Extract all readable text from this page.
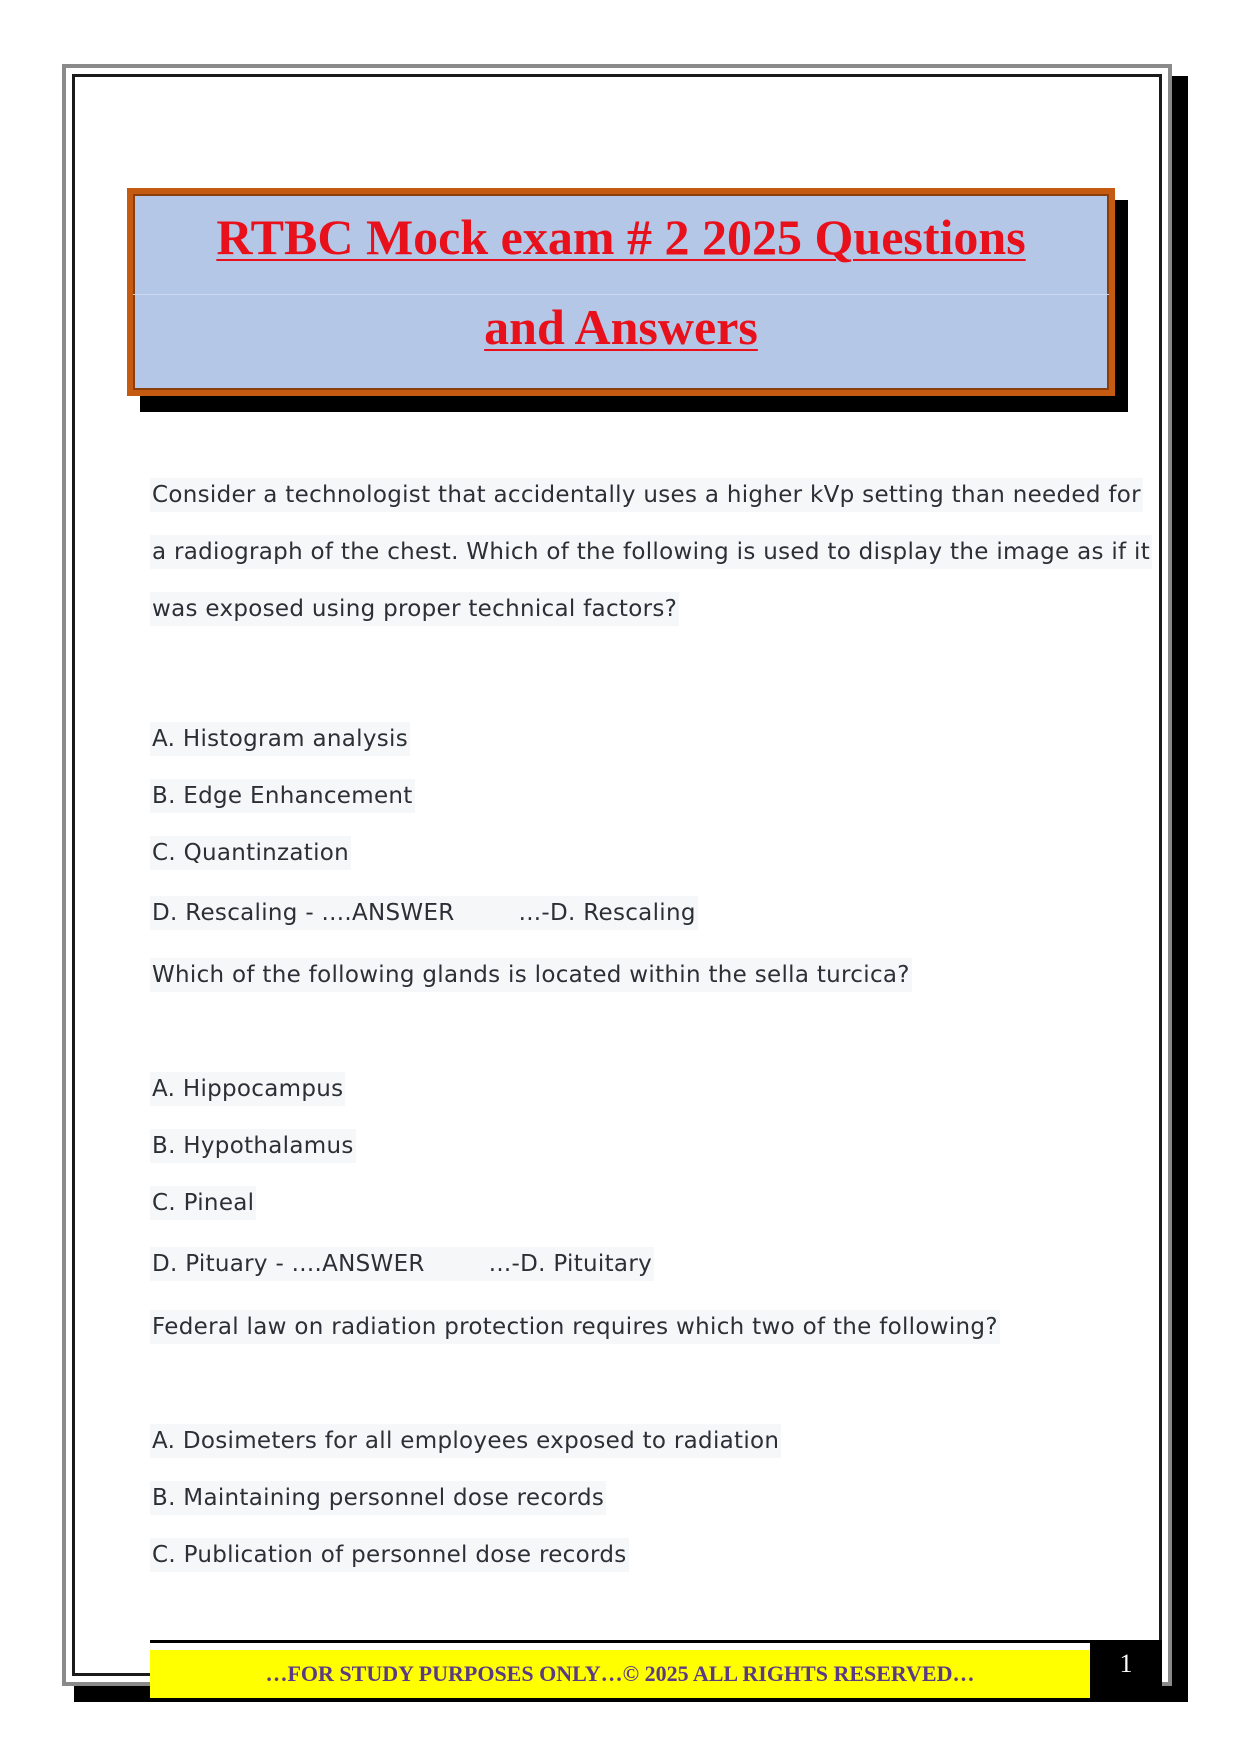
RTBC Mock exam # 2 2025 Questions
and Answers
Consider a technologist that accidentally uses a higher kVp setting than needed for
a radiograph of the chest. Which of the following is used to display the image as if it
was exposed using proper technical factors?
A. Histogram analysis
B. Edge Enhancement
C. Quantinzation
D. Rescaling - ....ANSWER	...-D. Rescaling
Which of the following glands is located within the sella turcica?
A. Hippocampus
B. Hypothalamus
C. Pineal
D. Pituary - ....ANSWER	...-D. Pituitary
Federal law on radiation protection requires which two of the following?
A. Dosimeters for all employees exposed to radiation
B. Maintaining personnel dose records
C. Publication of personnel dose records
…FOR STUDY PURPOSES ONLY…© 2025 ALL RIGHTS RESERVED…	1
